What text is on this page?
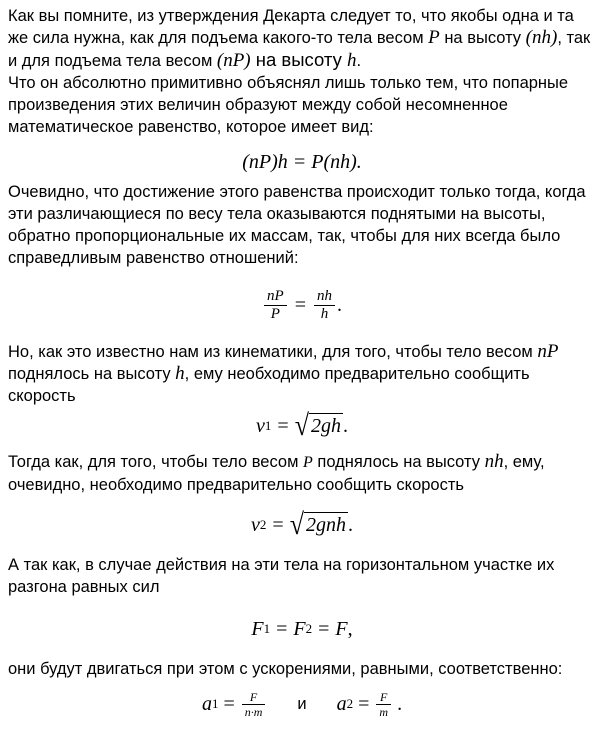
Как вы помните, из утверждения Декарта следует то, что якобы одна и та же сила нужна, как для подъема какого-то тела весом P на высоту (nh), так и для подъема тела весом (nP) на высоту h.
Что он абсолютно примитивно объяснял лишь только тем, что попарные произведения этих величин образуют между собой несомненное математическое равенство, которое имеет вид:

(nP)h = P(nh).

Очевидно, что достижение этого равенства происходит только тогда, когда эти различающиеся по весу тела оказываются поднятыми на высоты, обратно пропорциональные их массам, так, чтобы для них всегда было справедливым равенство отношений:

$\frac{nP}{P} = \frac{nh}{h}$ .

Но, как это известно нам из кинематики, для того, чтобы тело весом nP поднялось на высоту h, ему необходимо предварительно сообщить скорость

v 1 = √ 2gh .

Тогда как, для того, чтобы тело весом P поднялось на высоту nh, ему, очевидно, необходимо предварительно сообщить скорость

v 2 = √ 2gnh .

А так как, в случае действия на эти тела на горизонтальном участке их разгона равных сил

F 1 = F 2 = F ,

они будут двигаться при этом с ускорениями, равными, соответственно:

a $1 = \frac{F}{n\cdot m}$ и a $2 = \frac{F}{m}$ .
